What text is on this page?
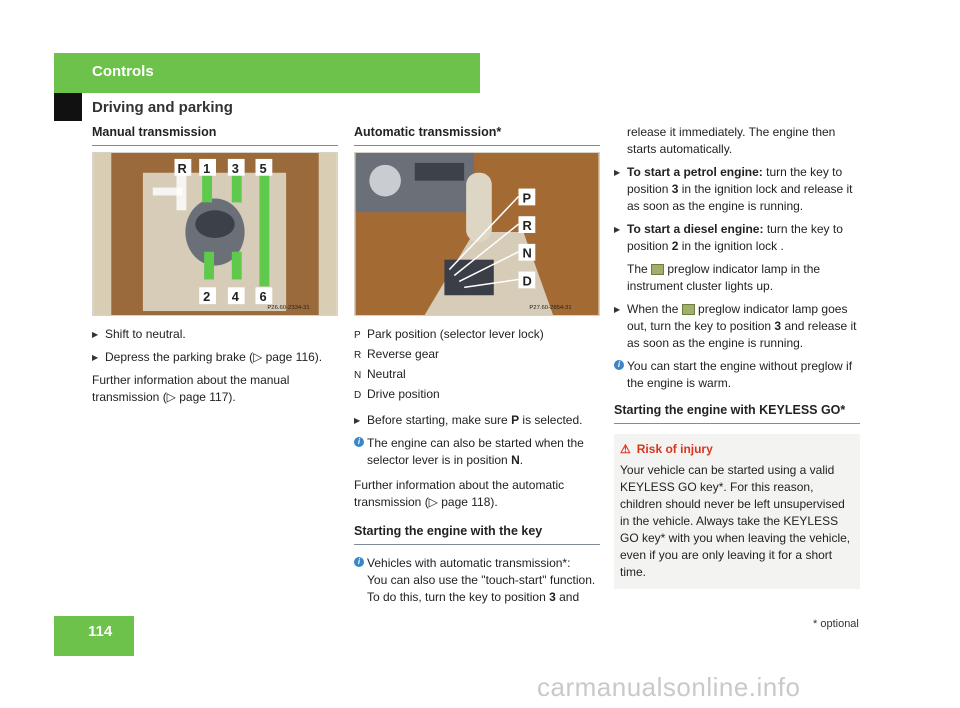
Controls
Driving and parking
Manual transmission
R 1 3 5
2 4 6
P26.60-2334-31
▶ Shift to neutral.
▶ Depress the parking brake (▷ page 116).

Further information about the manual transmission (▷ page 117).

Automatic transmission*
P
R
N
D
P27.60-2854-31
P Park position (selector lever lock)
R Reverse gear
N Neutral
D Drive position
▶ Before starting, make sure P is selected.
i The engine can also be started when the selector lever is in position N.

Further information about the automatic transmission (▷ page 118).

Starting the engine with the key
i Vehicles with automatic transmission*:
You can also use the "touch-start" function. To do this, turn the key to position 3 and

release it immediately. The engine then starts automatically.

▶ To start a petrol engine: turn the key to position 3 in the ignition lock and release it as soon as the engine is running.
▶ To start a diesel engine: turn the key to position 2 in the ignition lock .

The  preglow indicator lamp in the instrument cluster lights up.

▶ When the  preglow indicator lamp goes out, turn the key to position 3 and release it as soon as the engine is running.
i You can start the engine without preglow if the engine is warm.
Starting the engine with KEYLESS GO*
⚠ Risk of injury
Your vehicle can be started using a valid KEYLESS GO key*. For this reason, children should never be left unsupervised in the vehicle. Always take the KEYLESS GO key* with you when leaving the vehicle, even if you are only leaving it for a short time.
114	* optional
carmanualsonline.info
